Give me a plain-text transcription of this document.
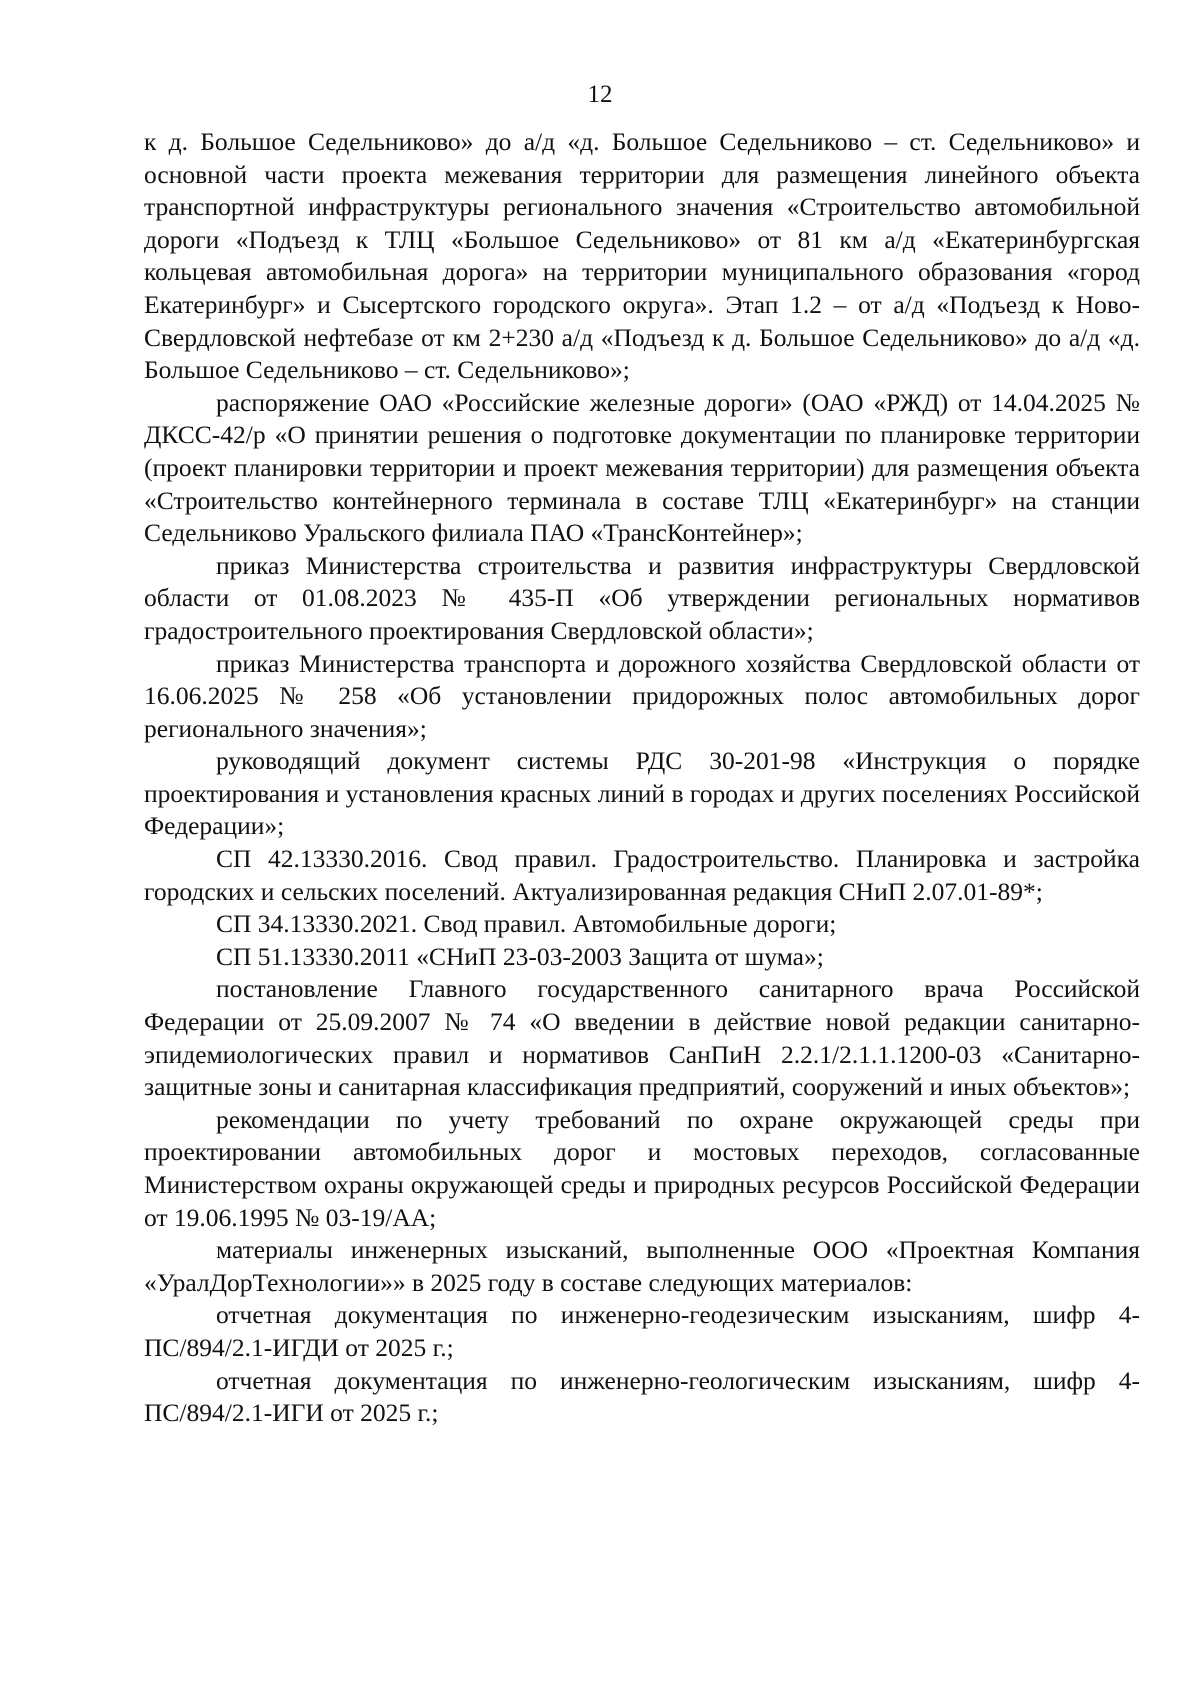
12

к д. Большое Седельниково» до а/д «д. Большое Седельниково – ст. Седельниково» и основной части проекта межевания территории для размещения линейного объекта транспортной инфраструктуры регионального значения «Строительство автомобильной дороги «Подъезд к ТЛЦ «Большое Седельниково» от 81 км а/д «Екатеринбургская кольцевая автомобильная дорога» на территории муниципального образования «город Екатеринбург» и Сысертского городского округа». Этап 1.2 – от а/д «Подъезд к Ново-Свердловской нефтебазе от км 2+230 а/д «Подъезд к д. Большое Седельниково» до а/д «д. Большое Седельниково – ст. Седельниково»;

распоряжение ОАО «Российские железные дороги» (ОАО «РЖД) от 14.04.2025 № ДКСС-42/р «О принятии решения о подготовке документации по планировке территории (проект планировки территории и проект межевания территории) для размещения объекта «Строительство контейнерного терминала в составе ТЛЦ «Екатеринбург» на станции Седельниково Уральского филиала ПАО «ТрансКонтейнер»;

приказ Министерства строительства и развития инфраструктуры Свердловской области от 01.08.2023 № 435-П «Об утверждении региональных нормативов градостроительного проектирования Свердловской области»;

приказ Министерства транспорта и дорожного хозяйства Свердловской области от 16.06.2025 № 258 «Об установлении придорожных полос автомобильных дорог регионального значения»;

руководящий документ системы РДС 30-201-98 «Инструкция о порядке проектирования и установления красных линий в городах и других поселениях Российской Федерации»;

СП 42.13330.2016. Свод правил. Градостроительство. Планировка и застройка городских и сельских поселений. Актуализированная редакция СНиП 2.07.01-89*;

СП 34.13330.2021. Свод правил. Автомобильные дороги;

СП 51.13330.2011 «СНиП 23-03-2003 Защита от шума»;

постановление Главного государственного санитарного врача Российской Федерации от 25.09.2007 № 74 «О введении в действие новой редакции санитарно-эпидемиологических правил и нормативов СанПиН 2.2.1/2.1.1.1200-03 «Санитарно-защитные зоны и санитарная классификация предприятий, сооружений и иных объектов»;

рекомендации по учету требований по охране окружающей среды при проектировании автомобильных дорог и мостовых переходов, согласованные Министерством охраны окружающей среды и природных ресурсов Российской Федерации от 19.06.1995 № 03-19/АА;

материалы инженерных изысканий, выполненные ООО «Проектная Компания «УралДорТехнологии»» в 2025 году в составе следующих материалов:

отчетная документация по инженерно-геодезическим изысканиям, шифр 4-ПС/894/2.1-ИГДИ от 2025 г.;

отчетная документация по инженерно-геологическим изысканиям, шифр 4-ПС/894/2.1-ИГИ от 2025 г.;
